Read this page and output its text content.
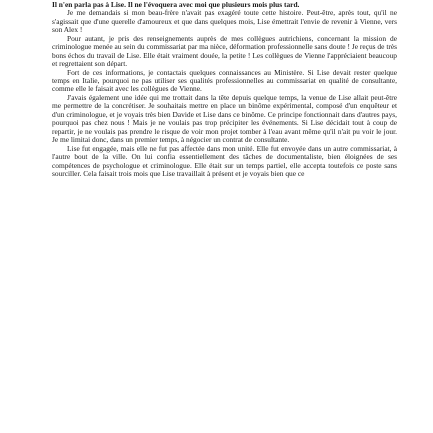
Il n'en parla pas à Lise. Il ne l'évoquera avec moi que plusieurs mois plus tard.

Je me demandais si mon beau-frère n'avait pas exagéré toute cette histoire. Peut-être, après tout, qu'il ne s'agissait que d'une querelle d'amoureux et que dans quelques mois, Lise émettrait l'envie de revenir à Vienne, vers son Alex !

Pour autant, je pris des renseignements auprès de mes collègues autrichiens, concernant la mission de criminologue menée au sein du commissariat par ma nièce, déformation professionnelle sans doute ! Je reçus de très bons échos du travail de Lise. Elle était vraiment douée, la petite ! Les collègues de Vienne l'appréciaient beaucoup et regrettaient son départ.

Fort de ces informations, je contactais quelques connaissances au Ministère. Si Lise devait rester quelque temps en Italie, pourquoi ne pas utiliser ses qualités professionnelles au commissariat en qualité de consultante, comme elle le faisait avec les collègues de Vienne.

J'avais également une idée qui me trottait dans la tête depuis quelque temps, la venue de Lise allait peut-être me permettre de la concrétiser. Je souhaitais mettre en place un binôme expérimental, composé d'un enquêteur et d'un criminologue, et je voyais très bien Davide et Lise dans ce binôme. Ce principe fonctionnait dans d'autres pays, pourquoi pas chez nous ! Mais je ne voulais pas trop précipiter les événements. Si Lise décidait tout à coup de repartir, je ne voulais pas prendre le risque de voir mon projet tomber à l'eau avant même qu'il n'ait pu voir le jour. Je me limitai donc, dans un premier temps, à négocier un contrat de consultante.

Lise fut engagée, mais elle ne fut pas affectée dans mon unité. Elle fut envoyée dans un autre commissariat, à l'autre bout de la ville. On lui confia essentiellement des tâches de documentaliste, bien éloignées de ses compétences de psychologue et criminologue. Elle était sur un temps partiel, elle accepta toutefois ce poste sans sourciller. Cela faisait trois mois que Lise travaillait à présent et je voyais bien que ce
